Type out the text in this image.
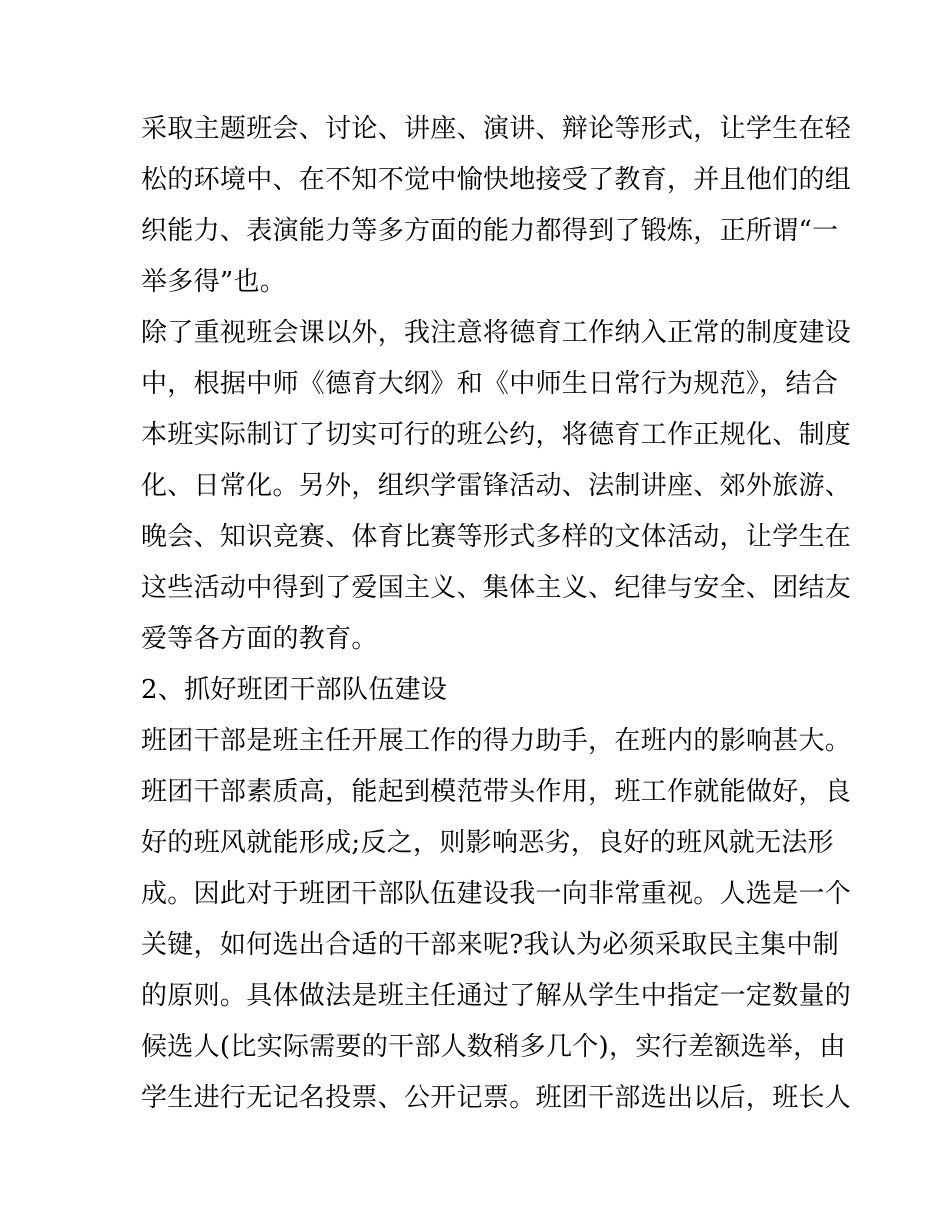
采取主题班会、讨论、讲座、演讲、辩论等形式，让学生在轻
松的环境中、在不知不觉中愉快地接受了教育，并且他们的组
织能力、表演能力等多方面的能力都得到了锻炼，正所谓“一
举多得”也。
除了重视班会课以外，我注意将德育工作纳入正常的制度建设
中，根据中师《德育大纲》和《中师生日常行为规范》，结合
本班实际制订了切实可行的班公约，将德育工作正规化、制度
化、日常化。另外，组织学雷锋活动、法制讲座、郊外旅游、
晚会、知识竞赛、体育比赛等形式多样的文体活动，让学生在
这些活动中得到了爱国主义、集体主义、纪律与安全、团结友
爱等各方面的教育。
2、抓好班团干部队伍建设
班团干部是班主任开展工作的得力助手，在班内的影响甚大。
班团干部素质高，能起到模范带头作用，班工作就能做好，良
好的班风就能形成;反之，则影响恶劣，良好的班风就无法形
成。因此对于班团干部队伍建设我一向非常重视。人选是一个
关键，如何选出合适的干部来呢?我认为必须采取民主集中制
的原则。具体做法是班主任通过了解从学生中指定一定数量的
候选人(比实际需要的干部人数稍多几个)，实行差额选举，由
学生进行无记名投票、公开记票。班团干部选出以后，班长人
